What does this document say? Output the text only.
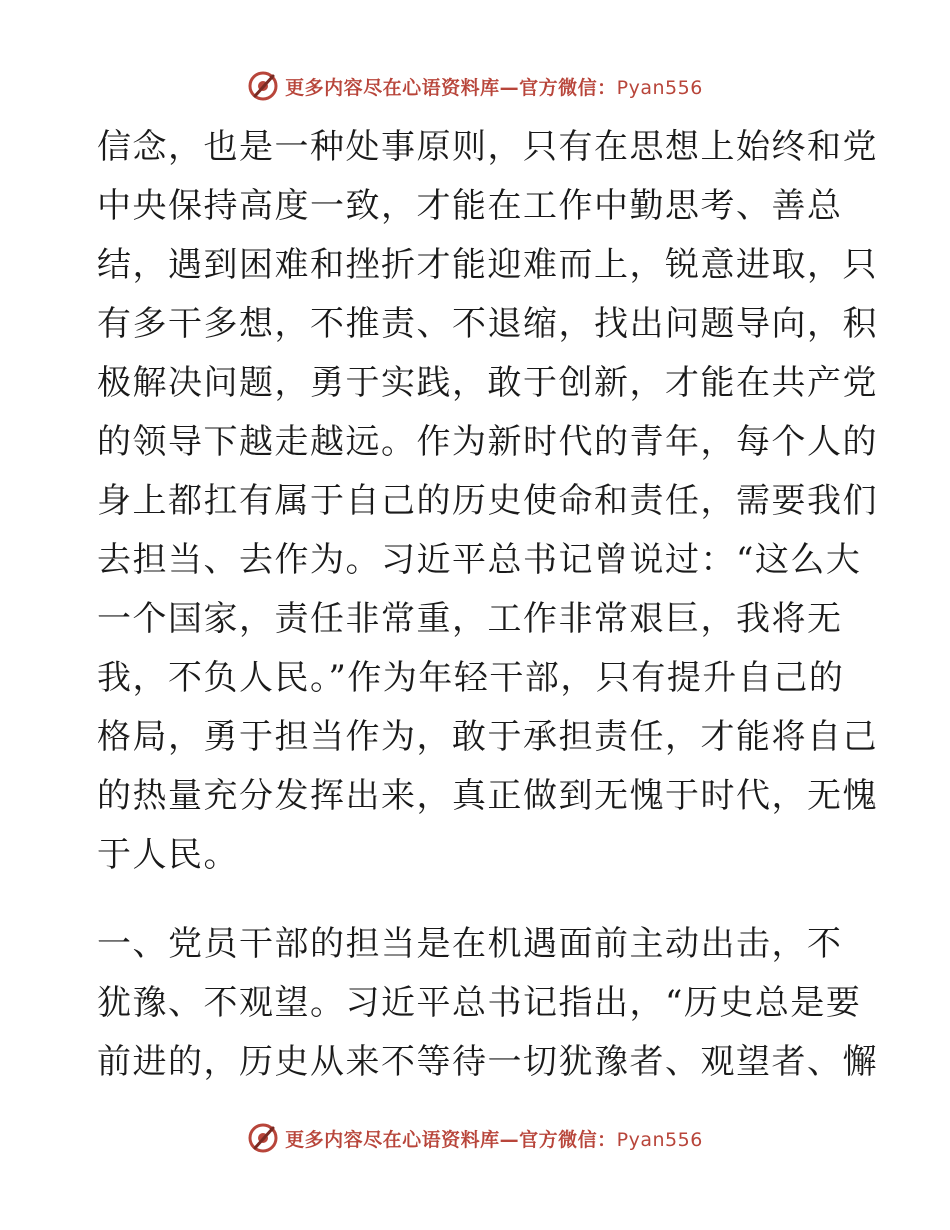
更多内容尽在心语资料库—官方微信：Pyan556
信念，也是一种处事原则，只有在思想上始终和党
中央保持高度一致，才能在工作中勤思考、善总
结，遇到困难和挫折才能迎难而上，锐意进取，只
有多干多想，不推责、不退缩，找出问题导向，积
极解决问题，勇于实践，敢于创新，才能在共产党
的领导下越走越远。作为新时代的青年，每个人的
身上都扛有属于自己的历史使命和责任，需要我们
去担当、去作为。习近平总书记曾说过：“这么大
一个国家，责任非常重，工作非常艰巨，我将无
我，不负人民。”作为年轻干部，只有提升自己的
格局，勇于担当作为，敢于承担责任，才能将自己
的热量充分发挥出来，真正做到无愧于时代，无愧
于人民。
一、党员干部的担当是在机遇面前主动出击，不
犹豫、不观望。习近平总书记指出，“历史总是要
前进的，历史从来不等待一切犹豫者、观望者、懈
更多内容尽在心语资料库—官方微信：Pyan556
